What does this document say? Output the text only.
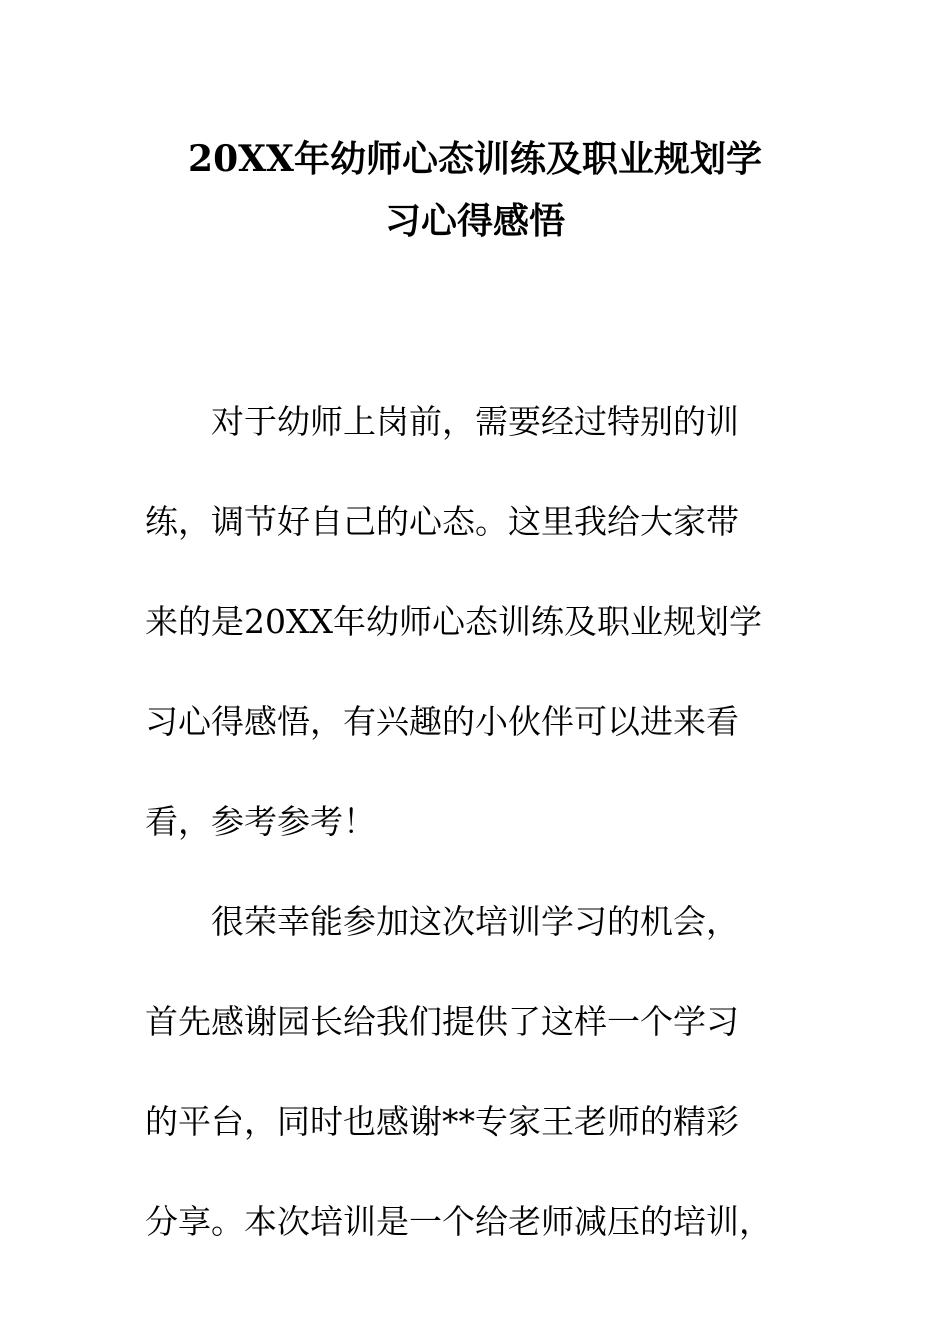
20XX年幼师心态训练及职业规划学
习心得感悟
　　对于幼师上岗前，需要经过特别的训
练，调节好自己的心态。这里我给大家带
来的是20XX年幼师心态训练及职业规划学
习心得感悟，有兴趣的小伙伴可以进来看
看，参考参考！
　　很荣幸能参加这次培训学习的机会，
首先感谢园长给我们提供了这样一个学习
的平台，同时也感谢**专家王老师的精彩
分享。本次培训是一个给老师减压的培训，
